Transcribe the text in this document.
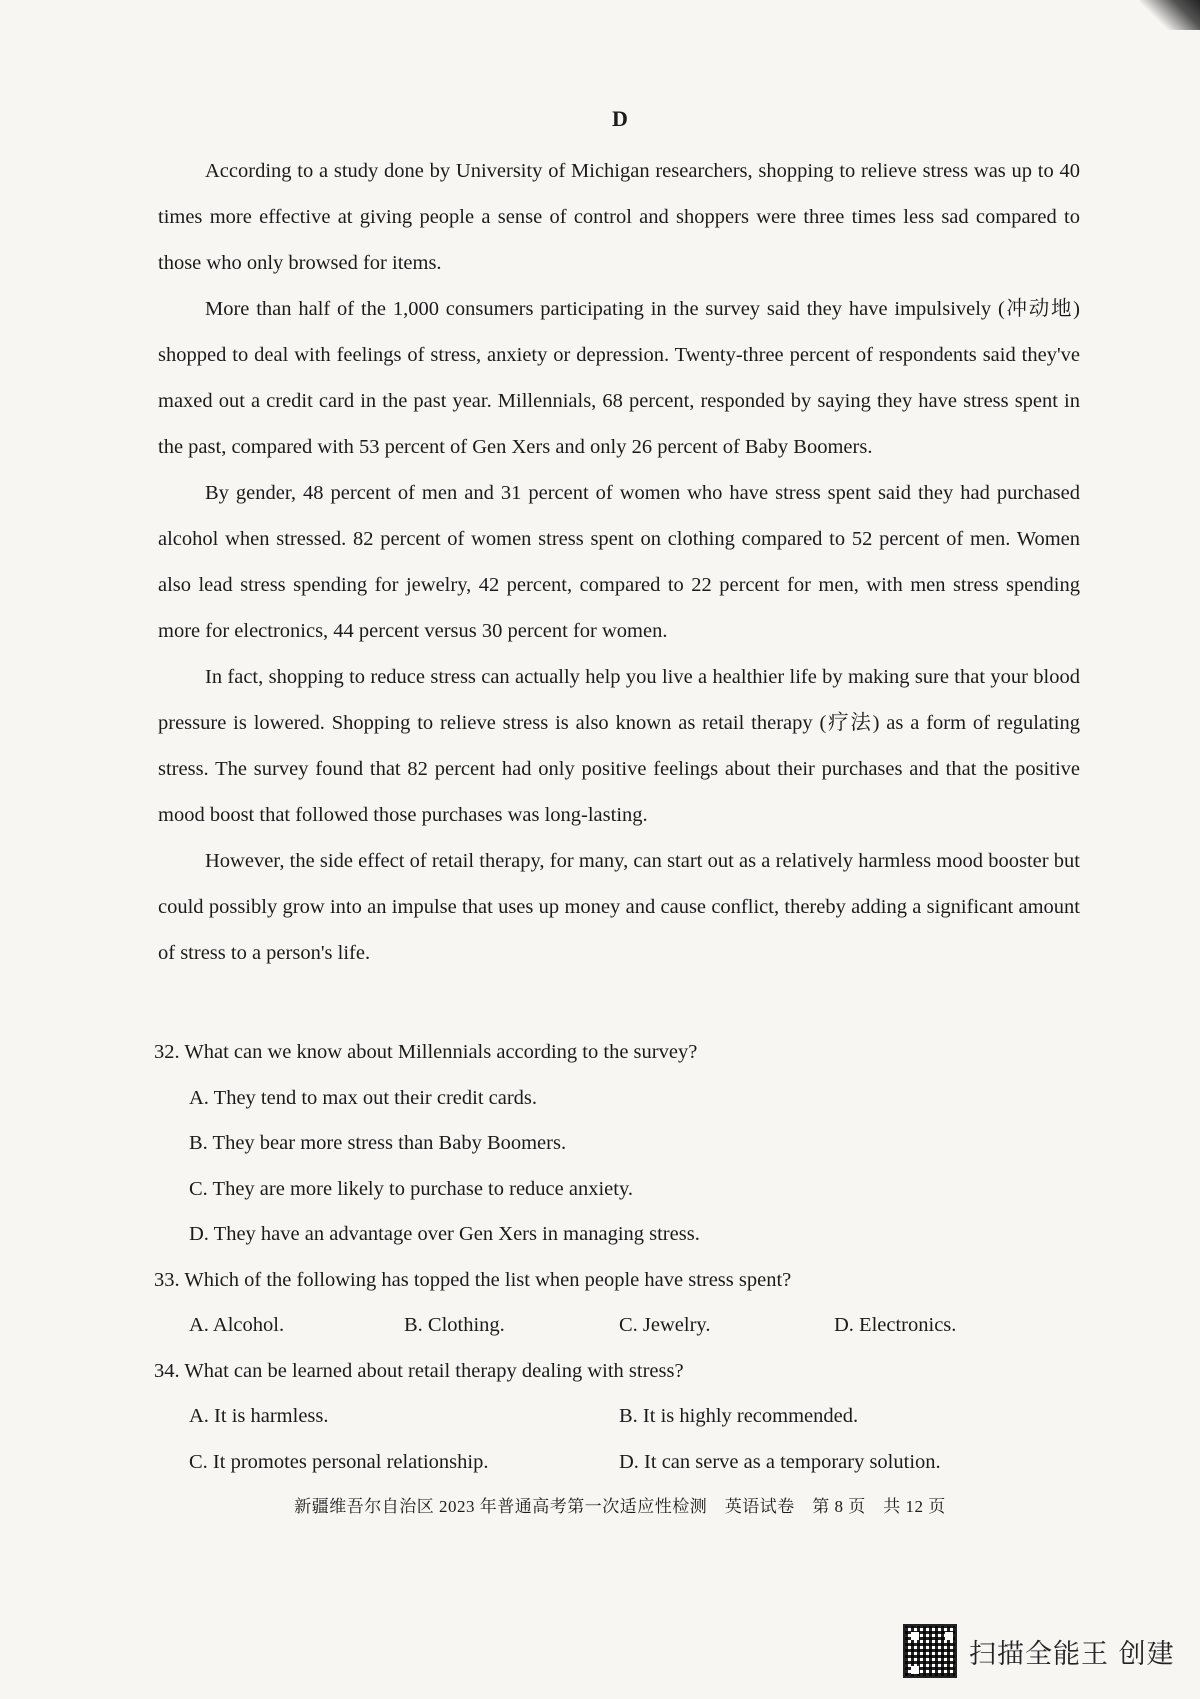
D

According to a study done by University of Michigan researchers, shopping to relieve stress was up to 40 times more effective at giving people a sense of control and shoppers were three times less sad compared to those who only browsed for items.

More than half of the 1,000 consumers participating in the survey said they have impulsively (冲动地) shopped to deal with feelings of stress, anxiety or depression. Twenty-three percent of respondents said they've maxed out a credit card in the past year. Millennials, 68 percent, responded by saying they have stress spent in the past, compared with 53 percent of Gen Xers and only 26 percent of Baby Boomers.

By gender, 48 percent of men and 31 percent of women who have stress spent said they had purchased alcohol when stressed. 82 percent of women stress spent on clothing compared to 52 percent of men. Women also lead stress spending for jewelry, 42 percent, compared to 22 percent for men, with men stress spending more for electronics, 44 percent versus 30 percent for women.

In fact, shopping to reduce stress can actually help you live a healthier life by making sure that your blood pressure is lowered. Shopping to relieve stress is also known as retail therapy (疗法) as a form of regulating stress. The survey found that 82 percent had only positive feelings about their purchases and that the positive mood boost that followed those purchases was long-lasting.

However, the side effect of retail therapy, for many, can start out as a relatively harmless mood booster but could possibly grow into an impulse that uses up money and cause conflict, thereby adding a significant amount of stress to a person's life.

32. What can we know about Millennials according to the survey?

A. They tend to max out their credit cards.

B. They bear more stress than Baby Boomers.

C. They are more likely to purchase to reduce anxiety.

D. They have an advantage over Gen Xers in managing stress.

33. Which of the following has topped the list when people have stress spent?

A. Alcohol.	B. Clothing.	C. Jewelry.	D. Electronics.

34. What can be learned about retail therapy dealing with stress?

A. It is harmless.	B. It is highly recommended.
C. It promotes personal relationship.	D. It can serve as a temporary solution.
新疆维吾尔自治区 2023 年普通高考第一次适应性检测　英语试卷　第 8 页　共 12 页
扫描全能王 创建
